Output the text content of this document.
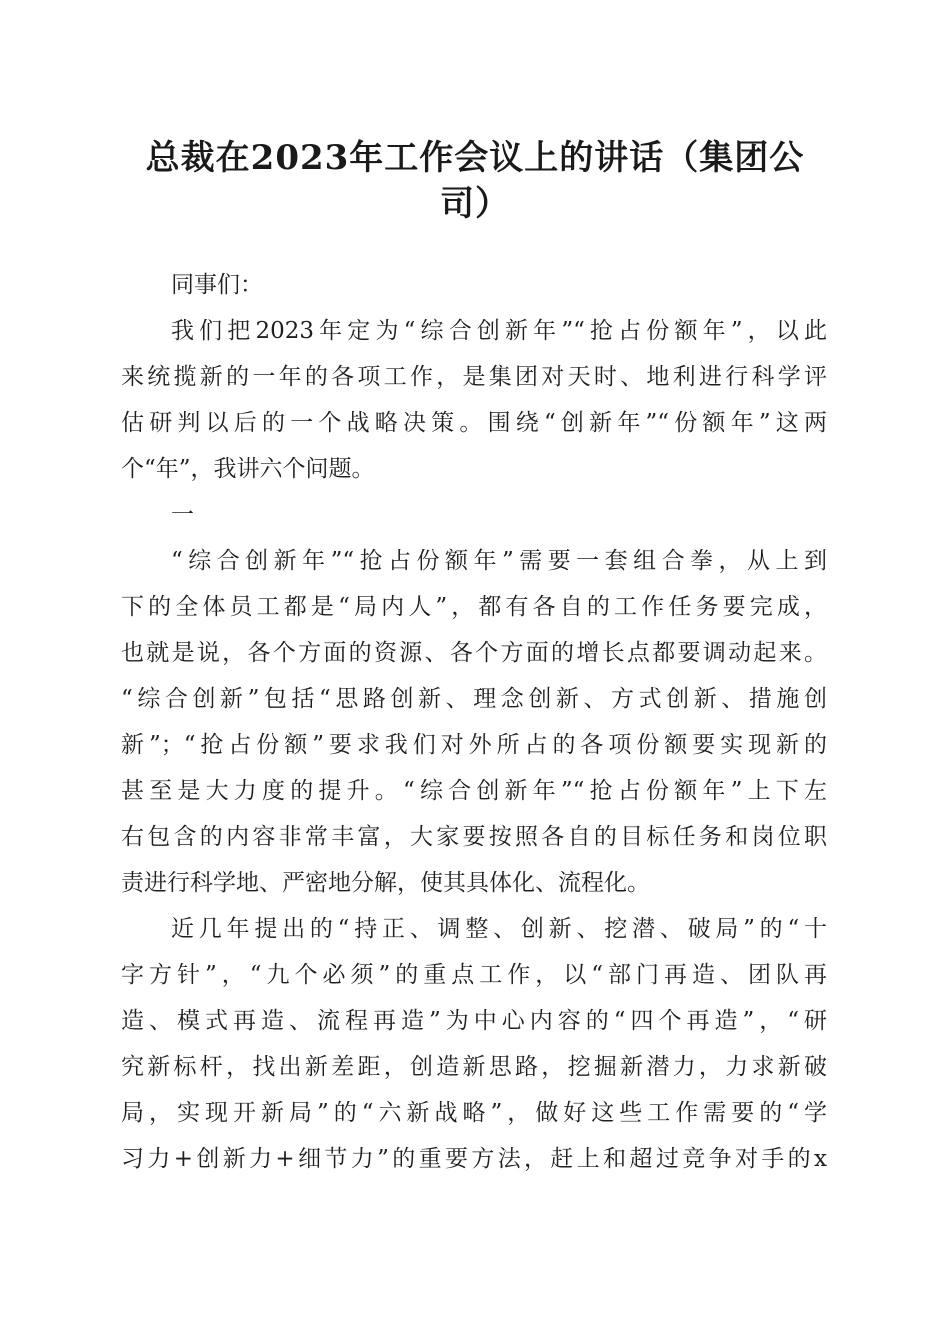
总裁在2023年工作会议上的讲话（集团公
司）
同事们：
我们把2023年定为“综合创新年”“抢占份额年”，以此
来统揽新的一年的各项工作，是集团对天时、地利进行科学评
估研判以后的一个战略决策。围绕“创新年”“份额年”这两
个“年”，我讲六个问题。
一
“综合创新年”“抢占份额年”需要一套组合拳，从上到
下的全体员工都是“局内人”，都有各自的工作任务要完成，
也就是说，各个方面的资源、各个方面的增长点都要调动起来。
“综合创新”包括“思路创新、理念创新、方式创新、措施创
新”；“抢占份额”要求我们对外所占的各项份额要实现新的
甚至是大力度的提升。“综合创新年”“抢占份额年”上下左
右包含的内容非常丰富，大家要按照各自的目标任务和岗位职
责进行科学地、严密地分解，使其具体化、流程化。
近几年提出的“持正、调整、创新、挖潜、破局”的“十
字方针”，“九个必须”的重点工作，以“部门再造、团队再
造、模式再造、流程再造”为中心内容的“四个再造”，“研
究新标杆，找出新差距，创造新思路，挖掘新潜力，力求新破
局，实现开新局”的“六新战略”，做好这些工作需要的“学
习力+创新力+细节力”的重要方法，赶上和超过竞争对手的x
